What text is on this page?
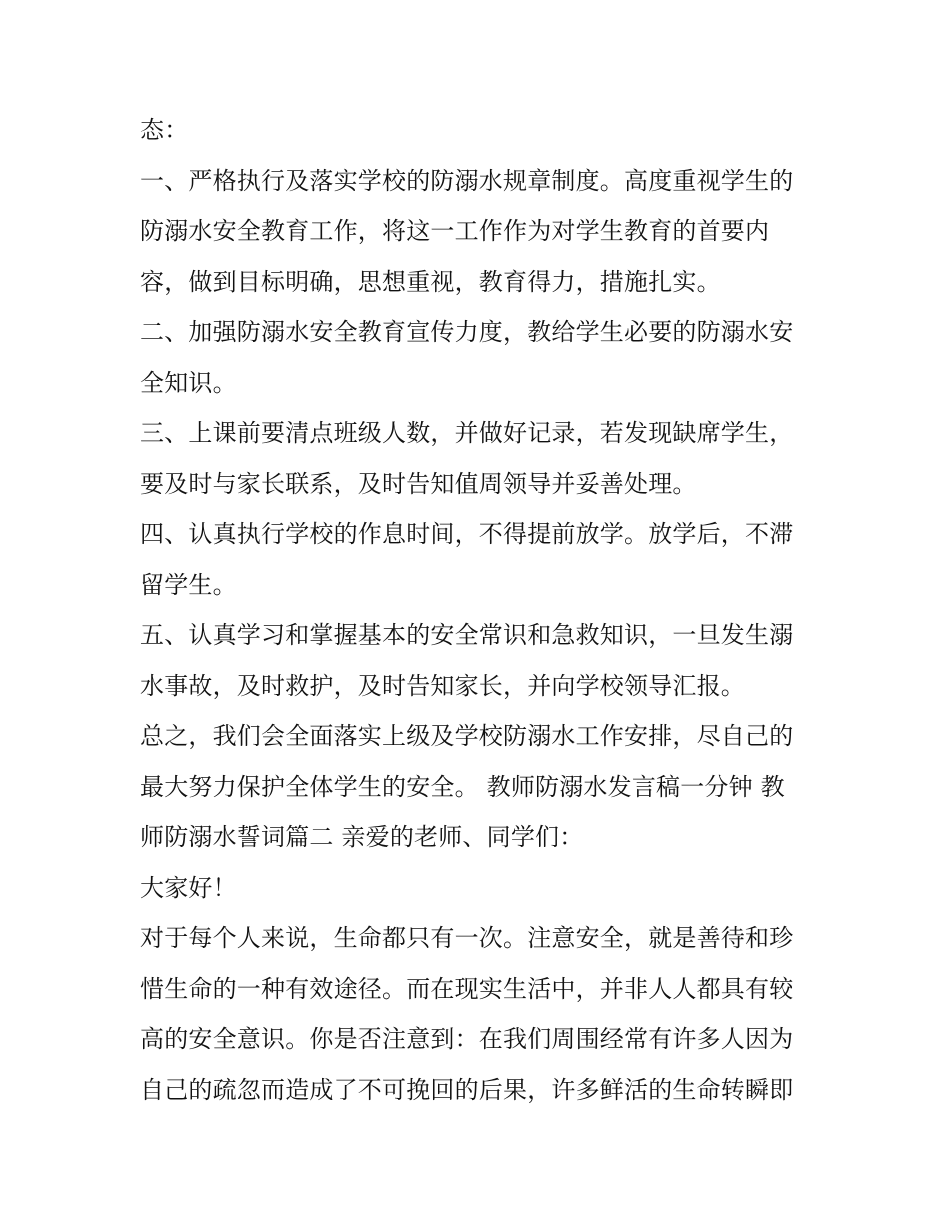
态：
一、严格执行及落实学校的防溺水规章制度。高度重视学生的
防溺水安全教育工作，将这一工作作为对学生教育的首要内
容，做到目标明确，思想重视，教育得力，措施扎实。
二、加强防溺水安全教育宣传力度，教给学生必要的防溺水安
全知识。
三、上课前要清点班级人数，并做好记录，若发现缺席学生，
要及时与家长联系，及时告知值周领导并妥善处理。
四、认真执行学校的作息时间，不得提前放学。放学后，不滞
留学生。
五、认真学习和掌握基本的安全常识和急救知识，一旦发生溺
水事故，及时救护，及时告知家长，并向学校领导汇报。
总之，我们会全面落实上级及学校防溺水工作安排，尽自己的
最大努力保护全体学生的安全。 教师防溺水发言稿一分钟 教
师防溺水誓词篇二 亲爱的老师、同学们：
大家好！
对于每个人来说，生命都只有一次。注意安全，就是善待和珍
惜生命的一种有效途径。而在现实生活中，并非人人都具有较
高的安全意识。你是否注意到：在我们周围经常有许多人因为
自己的疏忽而造成了不可挽回的后果，许多鲜活的生命转瞬即
